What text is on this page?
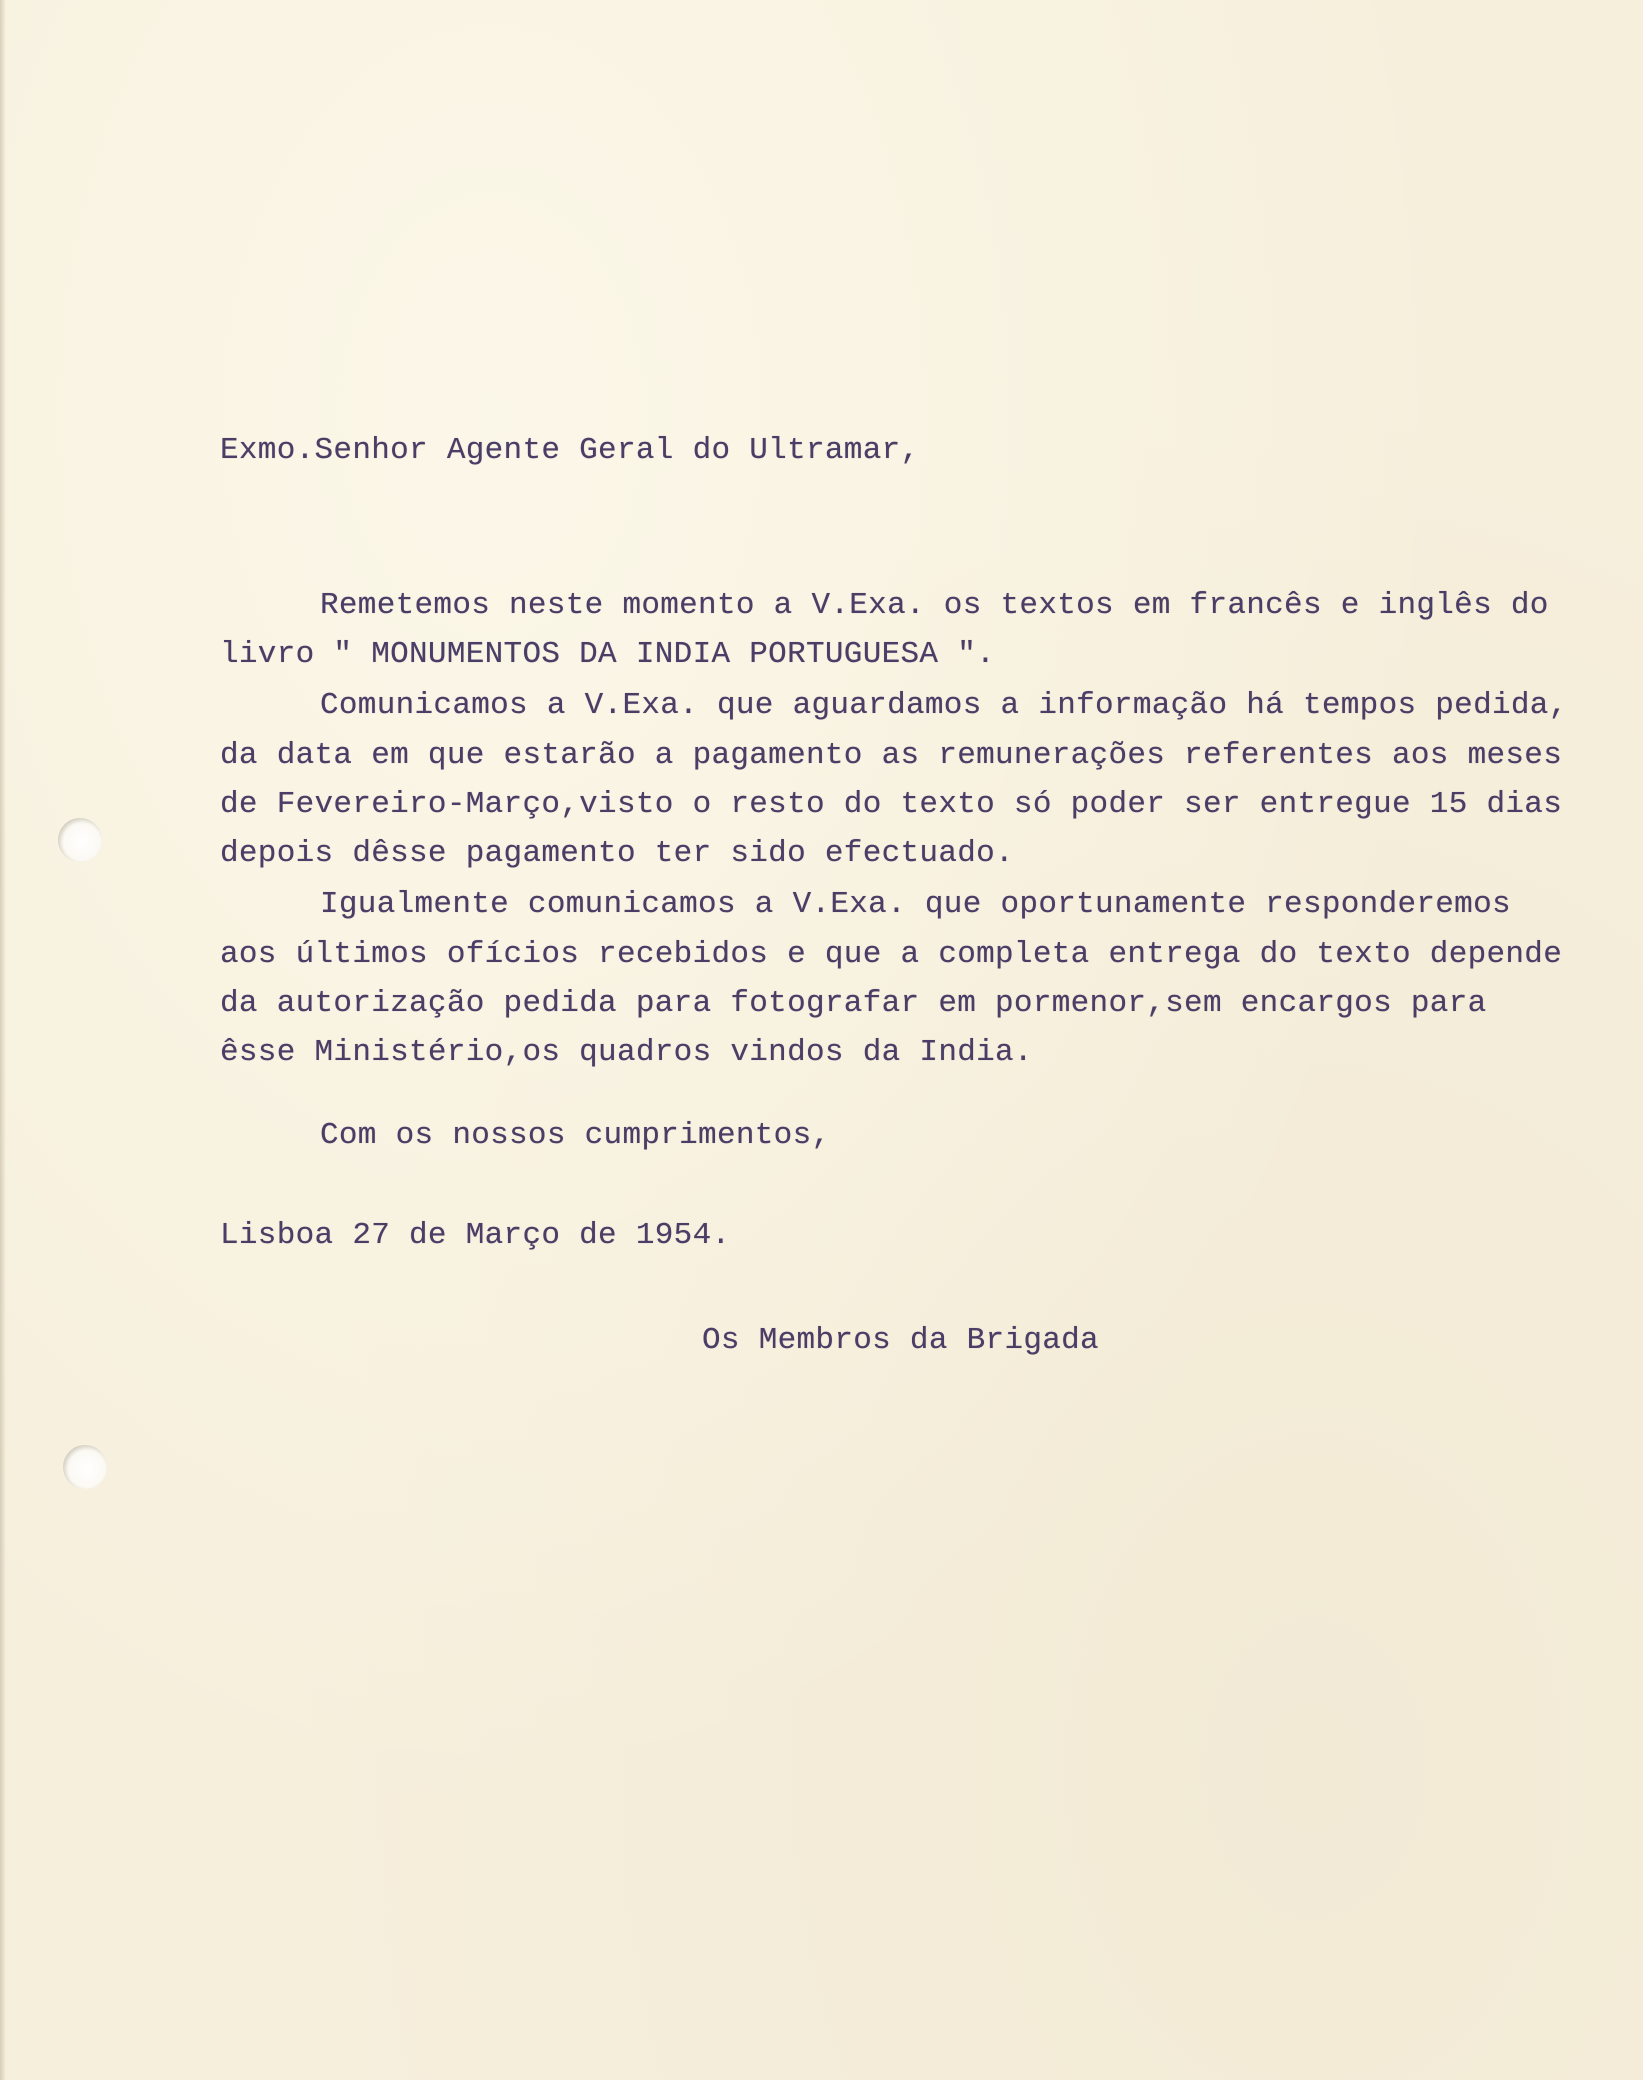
Exmo.Senhor Agente Geral do Ultramar,
Remetemos neste momento a V.Exa. os textos em francês e inglês do
livro " MONUMENTOS DA INDIA PORTUGUESA ".
Comunicamos a V.Exa. que aguardamos a informação há tempos pedida,
da data em que estarão a pagamento as remunerações referentes aos meses
de Fevereiro-Março,visto o resto do texto só poder ser entregue 15 dias
depois dêsse pagamento ter sido efectuado.
Igualmente comunicamos a V.Exa. que oportunamente responderemos
aos últimos ofícios recebidos e que a completa entrega do texto depende
da autorização pedida para fotografar em pormenor,sem encargos para
êsse Ministério,os quadros vindos da India.
Com os nossos cumprimentos,
Lisboa 27 de Março de 1954.
Os Membros da Brigada
